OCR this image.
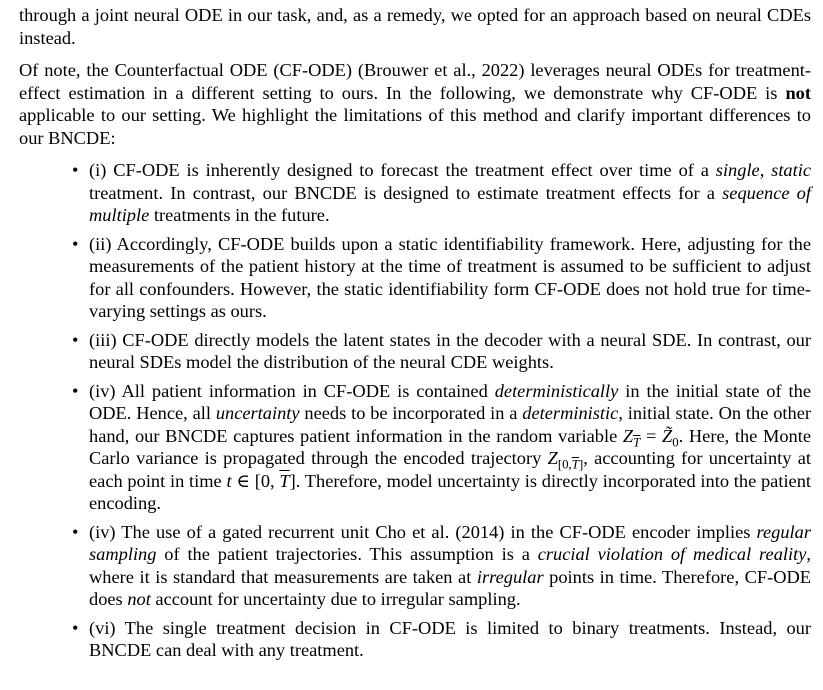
through a joint neural ODE in our task, and, as a remedy, we opted for an approach based on neural CDEs instead.

Of note, the Counterfactual ODE (CF-ODE) (Brouwer et al., 2022) leverages neural ODEs for treatment-effect estimation in a different setting to ours. In the following, we demonstrate why CF-ODE is not applicable to our setting. We highlight the limitations of this method and clarify important differences to our BNCDE:

• (i) CF-ODE is inherently designed to forecast the treatment effect over time of a single, static treatment. In contrast, our BNCDE is designed to estimate treatment effects for a sequence of multiple treatments in the future.
• (ii) Accordingly, CF-ODE builds upon a static identifiability framework. Here, adjusting for the measurements of the patient history at the time of treatment is assumed to be sufficient to adjust for all confounders. However, the static identifiability form CF-ODE does not hold true for time-varying settings as ours.
• (iii) CF-ODE directly models the latent states in the decoder with a neural SDE. In contrast, our neural SDEs model the distribution of the neural CDE weights.
• (iv) All patient information in CF-ODE is contained deterministically in the initial state of the ODE. Hence, all uncertainty needs to be incorporated in a deterministic, initial state. On the other hand, our BNCDE captures patient information in the random variable $Z_{\overline{T}}$ = $Z̃_0$. Here, the Monte Carlo variance is propagated through the encoded trajectory $Z_{[0,\overline{T}]}$, accounting for uncertainty at each point in time t ∈ [0, $\overline{T}$]. Therefore, model uncertainty is directly incorporated into the patient encoding.
• (iv) The use of a gated recurrent unit Cho et al. (2014) in the CF-ODE encoder implies regular sampling of the patient trajectories. This assumption is a crucial violation of medical reality, where it is standard that measurements are taken at irregular points in time. Therefore, CF-ODE does not account for uncertainty due to irregular sampling.
• (vi) The single treatment decision in CF-ODE is limited to binary treatments. Instead, our BNCDE can deal with any treatment.
